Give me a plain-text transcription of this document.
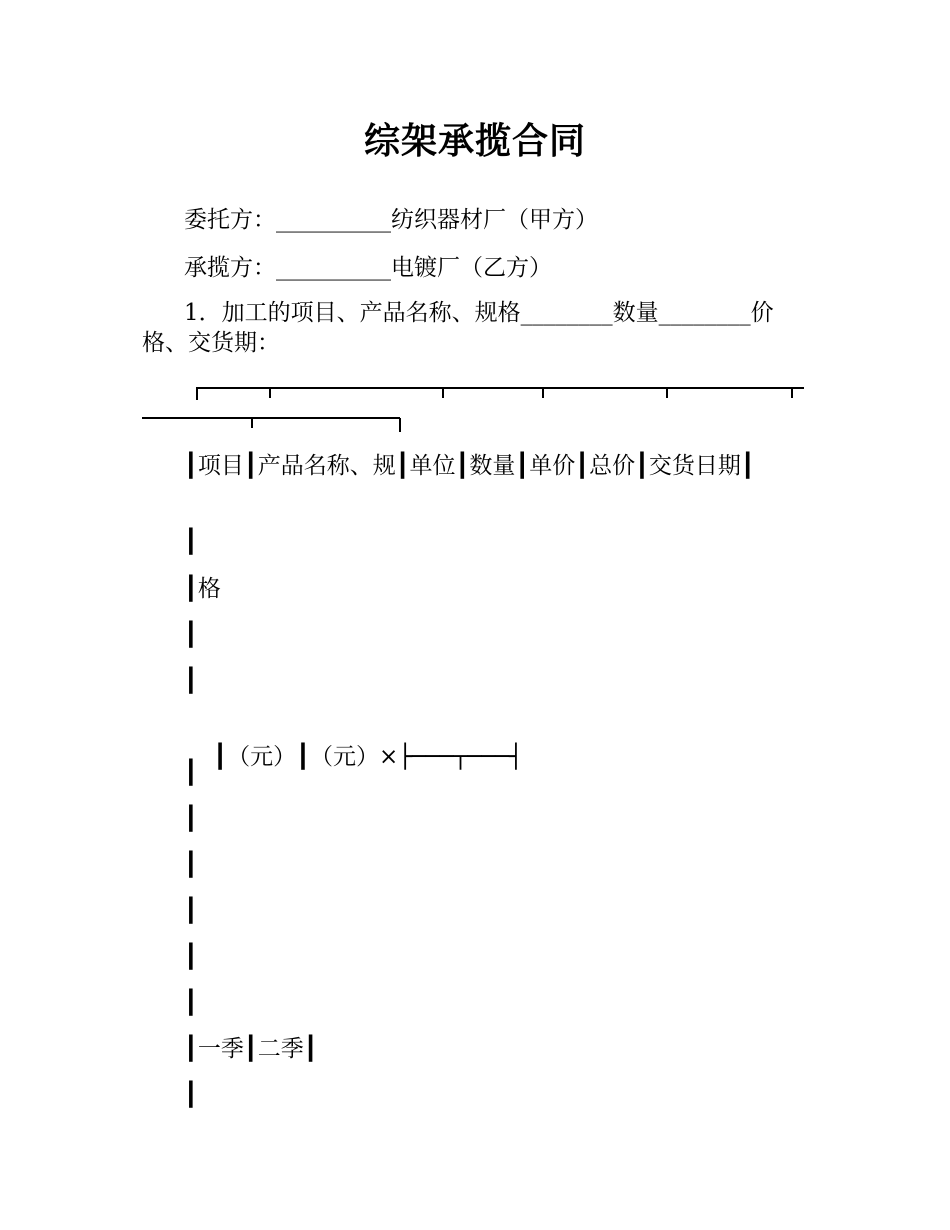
综架承揽合同
委托方：__________纺织器材厂（甲方）
承揽方：__________电镀厂（乙方）
1．加工的项目、产品名称、规格________数量________价格、交货期：
┃项目┃产品名称、规┃单位┃数量┃单价┃总价┃交货日期┃
┃
┃格
┃
┃

┃（元）┃（元）×├───┬───┤

┃
┃
┃
┃
┃
┃
┃一季┃二季┃
┃
